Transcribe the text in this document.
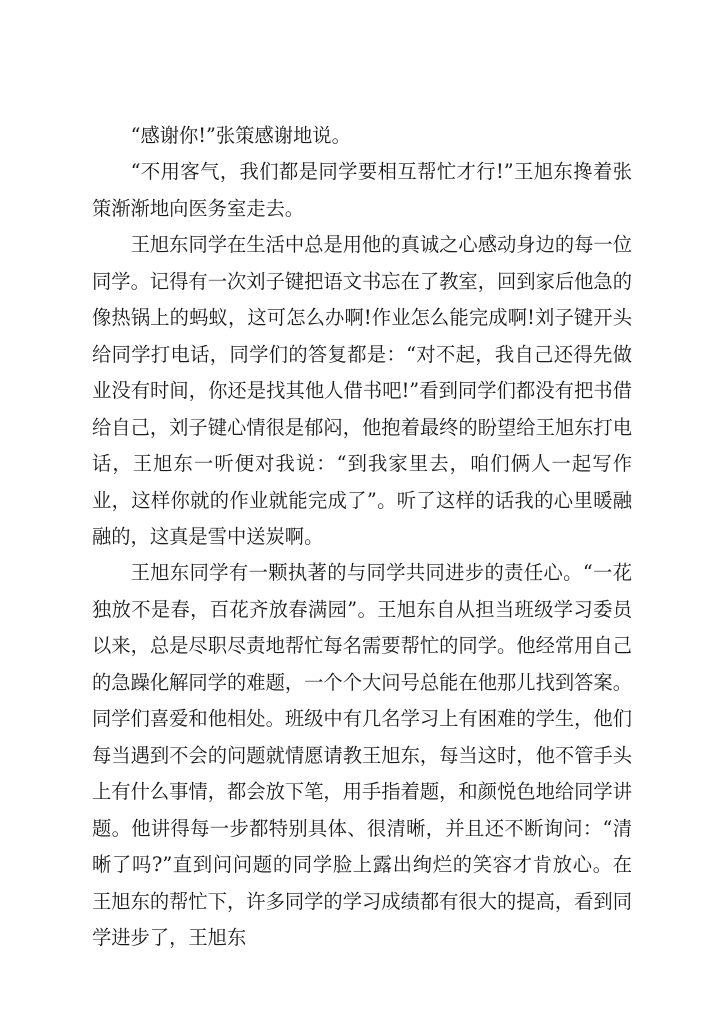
“感谢你!”张策感谢地说。

“不用客气，我们都是同学要相互帮忙才行!”王旭东搀着张策渐渐地向医务室走去。

王旭东同学在生活中总是用他的真诚之心感动身边的每一位同学。记得有一次刘子键把语文书忘在了教室，回到家后他急的像热锅上的蚂蚁，这可怎么办啊!作业怎么能完成啊!刘子键开头给同学打电话，同学们的答复都是：“对不起，我自己还得先做业没有时间，你还是找其他人借书吧!”看到同学们都没有把书借给自己，刘子键心情很是郁闷，他抱着最终的盼望给王旭东打电话，王旭东一听便对我说：“到我家里去，咱们俩人一起写作业，这样你就的作业就能完成了”。听了这样的话我的心里暖融融的，这真是雪中送炭啊。

王旭东同学有一颗执著的与同学共同进步的责任心。“一花独放不是春，百花齐放春满园”。王旭东自从担当班级学习委员以来，总是尽职尽责地帮忙每名需要帮忙的同学。他经常用自己的急躁化解同学的难题，一个个大问号总能在他那儿找到答案。同学们喜爱和他相处。班级中有几名学习上有困难的学生，他们每当遇到不会的问题就情愿请教王旭东，每当这时，他不管手头上有什么事情，都会放下笔，用手指着题，和颜悦色地给同学讲题。他讲得每一步都特别具体、很清晰，并且还不断询问：“清晰了吗?”直到问问题的同学脸上露出绚烂的笑容才肯放心。在王旭东的帮忙下，许多同学的学习成绩都有很大的提高，看到同学进步了，王旭东
